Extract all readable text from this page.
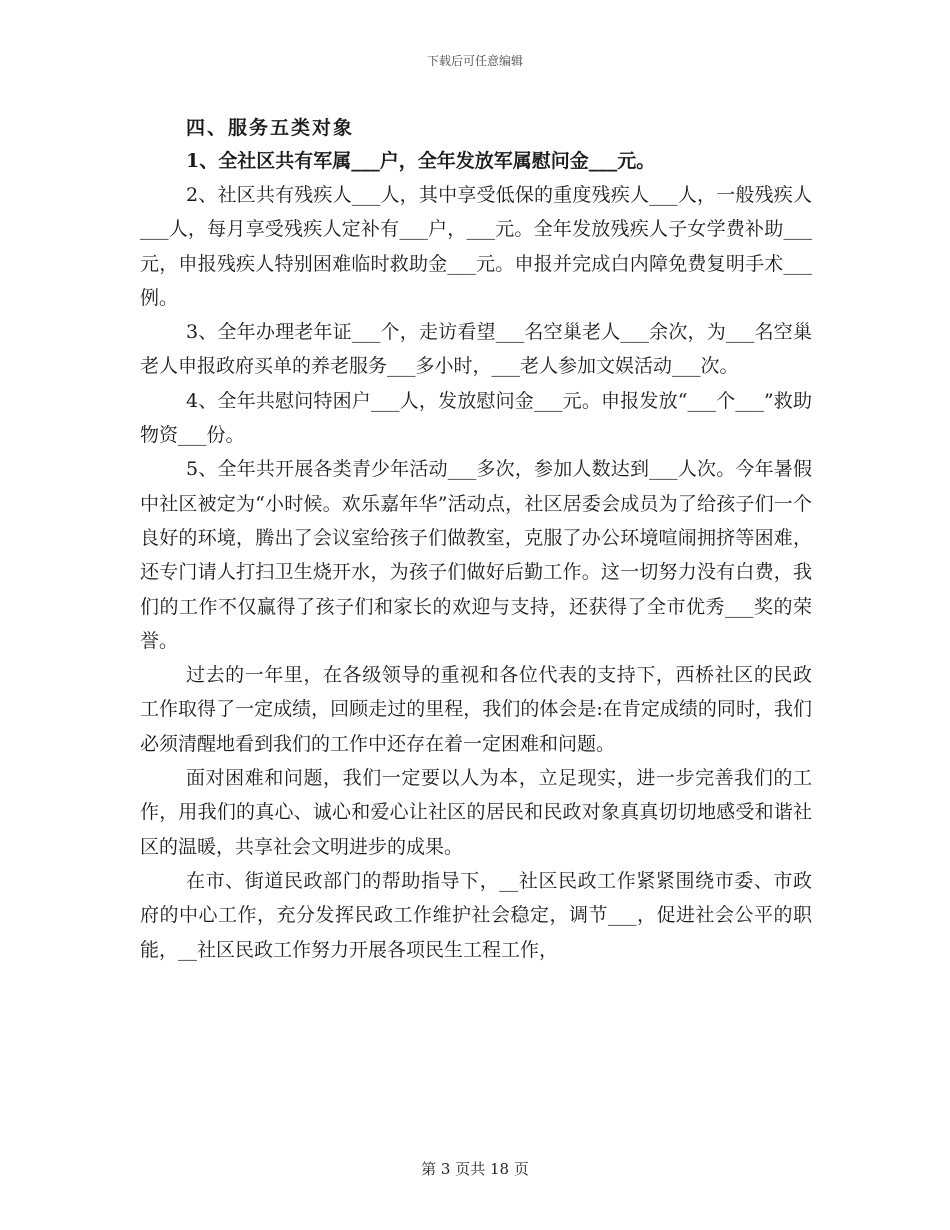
下载后可任意编辑

四、服务五类对象

1、全社区共有军属___户，全年发放军属慰问金___元。

2、社区共有残疾人___人，其中享受低保的重度残疾人___人，一般残疾人___人，每月享受残疾人定补有___户，___元。全年发放残疾人子女学费补助___元，申报残疾人特别困难临时救助金___元。申报并完成白内障免费复明手术___例。

3、全年办理老年证___个，走访看望___名空巢老人___余次，为___名空巢老人申报政府买单的养老服务___多小时，___老人参加文娱活动___次。

4、全年共慰问特困户___人，发放慰问金___元。申报发放“___个___”救助物资___份。

5、全年共开展各类青少年活动___多次，参加人数达到___人次。今年暑假中社区被定为“小时候。欢乐嘉年华”活动点，社区居委会成员为了给孩子们一个良好的环境，腾出了会议室给孩子们做教室，克服了办公环境喧闹拥挤等困难，还专门请人打扫卫生烧开水，为孩子们做好后勤工作。这一切努力没有白费，我们的工作不仅赢得了孩子们和家长的欢迎与支持，还获得了全市优秀___奖的荣誉。

过去的一年里，在各级领导的重视和各位代表的支持下，西桥社区的民政工作取得了一定成绩，回顾走过的里程，我们的体会是:在肯定成绩的同时，我们必须清醒地看到我们的工作中还存在着一定困难和问题。

面对困难和问题，我们一定要以人为本，立足现实，进一步完善我们的工作，用我们的真心、诚心和爱心让社区的居民和民政对象真真切切地感受和谐社区的温暖，共享社会文明进步的成果。

在市、街道民政部门的帮助指导下，__社区民政工作紧紧围绕市委、市政府的中心工作，充分发挥民政工作维护社会稳定，调节___，促进社会公平的职能，__社区民政工作努力开展各项民生工程工作，

第 3 页共 18 页
